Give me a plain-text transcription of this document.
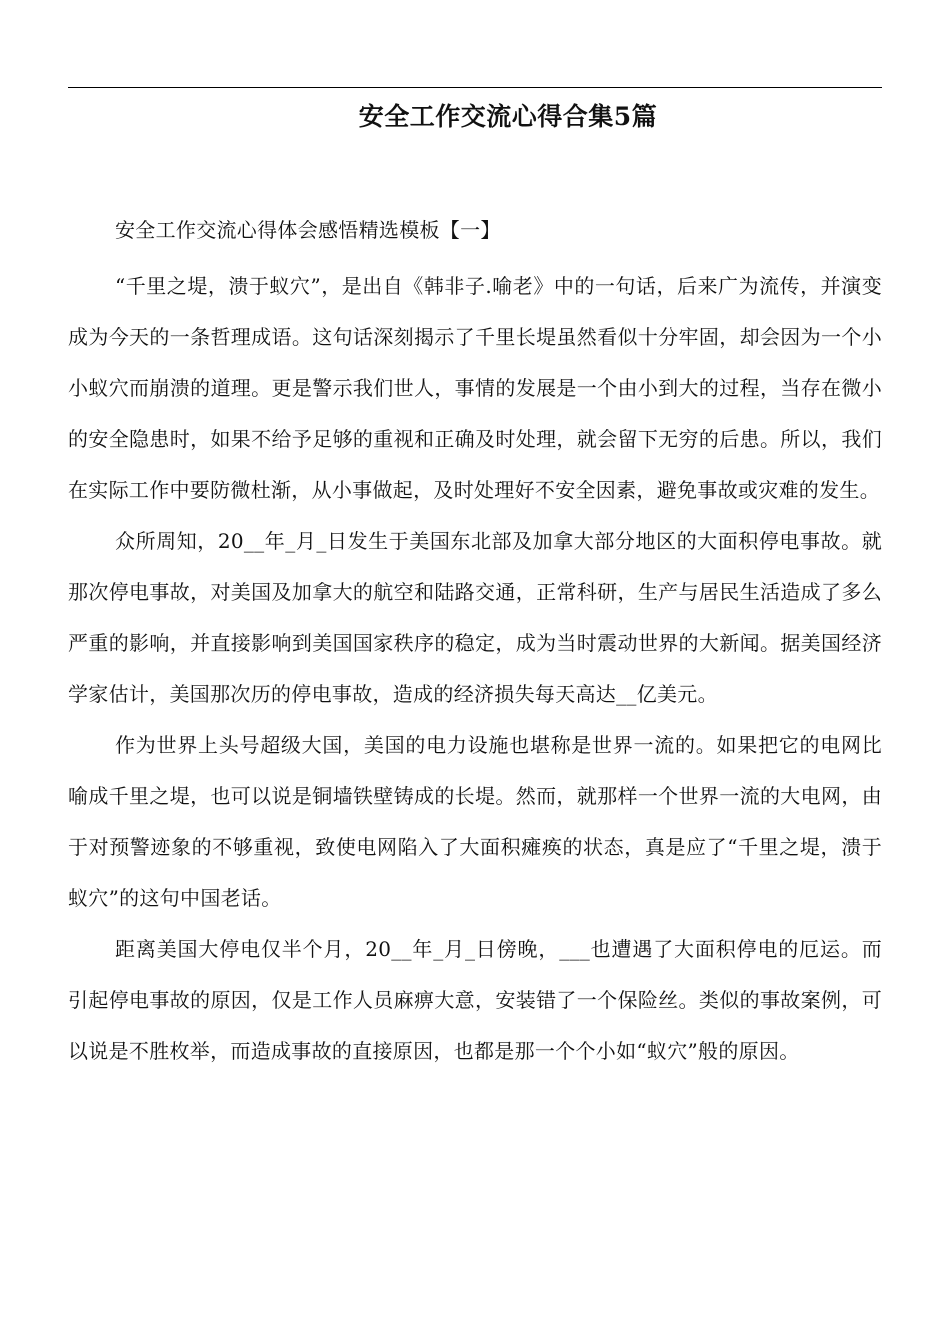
安全工作交流心得合集5篇

安全工作交流心得体会感悟精选模板【一】

“千里之堤，溃于蚁穴”，是出自《韩非子.喻老》中的一句话，后来广为流传，并演变成为今天的一条哲理成语。这句话深刻揭示了千里长堤虽然看似十分牢固，却会因为一个小小蚁穴而崩溃的道理。更是警示我们世人，事情的发展是一个由小到大的过程，当存在微小的安全隐患时，如果不给予足够的重视和正确及时处理，就会留下无穷的后患。所以，我们在实际工作中要防微杜渐，从小事做起，及时处理好不安全因素，避免事故或灾难的发生。

众所周知，20__年_月_日发生于美国东北部及加拿大部分地区的大面积停电事故。就那次停电事故，对美国及加拿大的航空和陆路交通，正常科研，生产与居民生活造成了多么严重的影响，并直接影响到美国国家秩序的稳定，成为当时震动世界的大新闻。据美国经济学家估计，美国那次历的停电事故，造成的经济损失每天高达__亿美元。

作为世界上头号超级大国，美国的电力设施也堪称是世界一流的。如果把它的电网比喻成千里之堤，也可以说是铜墙铁壁铸成的长堤。然而，就那样一个世界一流的大电网，由于对预警迹象的不够重视，致使电网陷入了大面积瘫痪的状态，真是应了“千里之堤，溃于蚁穴”的这句中国老话。

距离美国大停电仅半个月，20__年_月_日傍晚，___也遭遇了大面积停电的厄运。而引起停电事故的原因，仅是工作人员麻痹大意，安装错了一个保险丝。类似的事故案例，可以说是不胜枚举，而造成事故的直接原因，也都是那一个个小如“蚁穴”般的原因。
